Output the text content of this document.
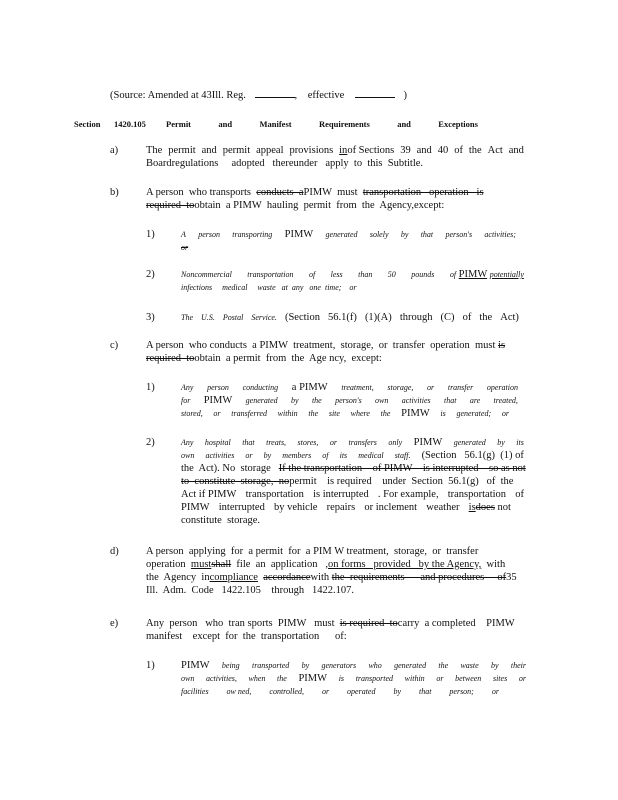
(Source: Amended at 43Ill. Reg.	, effective	)
Section 1420.105 Permit	and	Manifest	Requirements	and	Exceptions
a)	The permit and permit appeal provisions inof Sections 39 and 40 of the Act and
Boardregulations     adopted   thereunder   apply  to  this  Subtitle.
b)	A person  who transports conducts  aPIMW  must transportation   operation   is
required  toobtain  a PIMW  hauling  permit  from  the  Agency,except:
1)	A person transporting PIMW generated solely by that person's activities;
or
2)	Noncommercial transportation of less than 50 pounds of PIMW potentially
infections     medical     waste   at  any   one  time;    or
3)	The U.S. Postal Service. (Section 56.1(f) (1)(A) through (C) of the Act)
c)	A person  who conducts  a PIMW  treatment,  storage,  or  transfer  operation  must is
required  toobtain  a permit  from  the  Age ncy,  except:
1)	Any person conducting a PIMW treatment, storage, or transfer operation
for PIMW generated by the person's own activities that are treated,
stored, or transferred within the site where the PIMW is generated; or
2)	Any hospital that treats, stores, or transfers only PIMW generated by its
own activities or by members of its medical staff. (Section   56.1(g)  (1) of
the  Act). No  storage If the transportation    of PIMW    is interrupted    so as not
to  constitute  storage,  nopermit    is required    under  Section  56.1(g)   of  the
Act if PIMW transportation is interrupted . For example, transportation of
PIMW interrupted by vehicle repairs or inclement weather isdoes not
constitute  storage.
d)	A person  applying  for  a permit  for  a PIM W treatment,  storage,  or  transfer
operation mustshall file  an  application   ,on forms   provided   by the Agency, with
the  Agency  incompliance accordancewith the  requirements      and procedures     of35
Ill.  Adm.  Code   1422.105    through   1422.107.
e)	Any  person   who  tran sports  PIMW   must is required  tocarry  a completed    PIMW
manifest    except  for  the  transportation      of:
1)	PIMW being transported by generators who generated the waste by their
own activities, when the PIMW is transported within or between sites or
facilities ow ned, controlled, or operated by that person; or
